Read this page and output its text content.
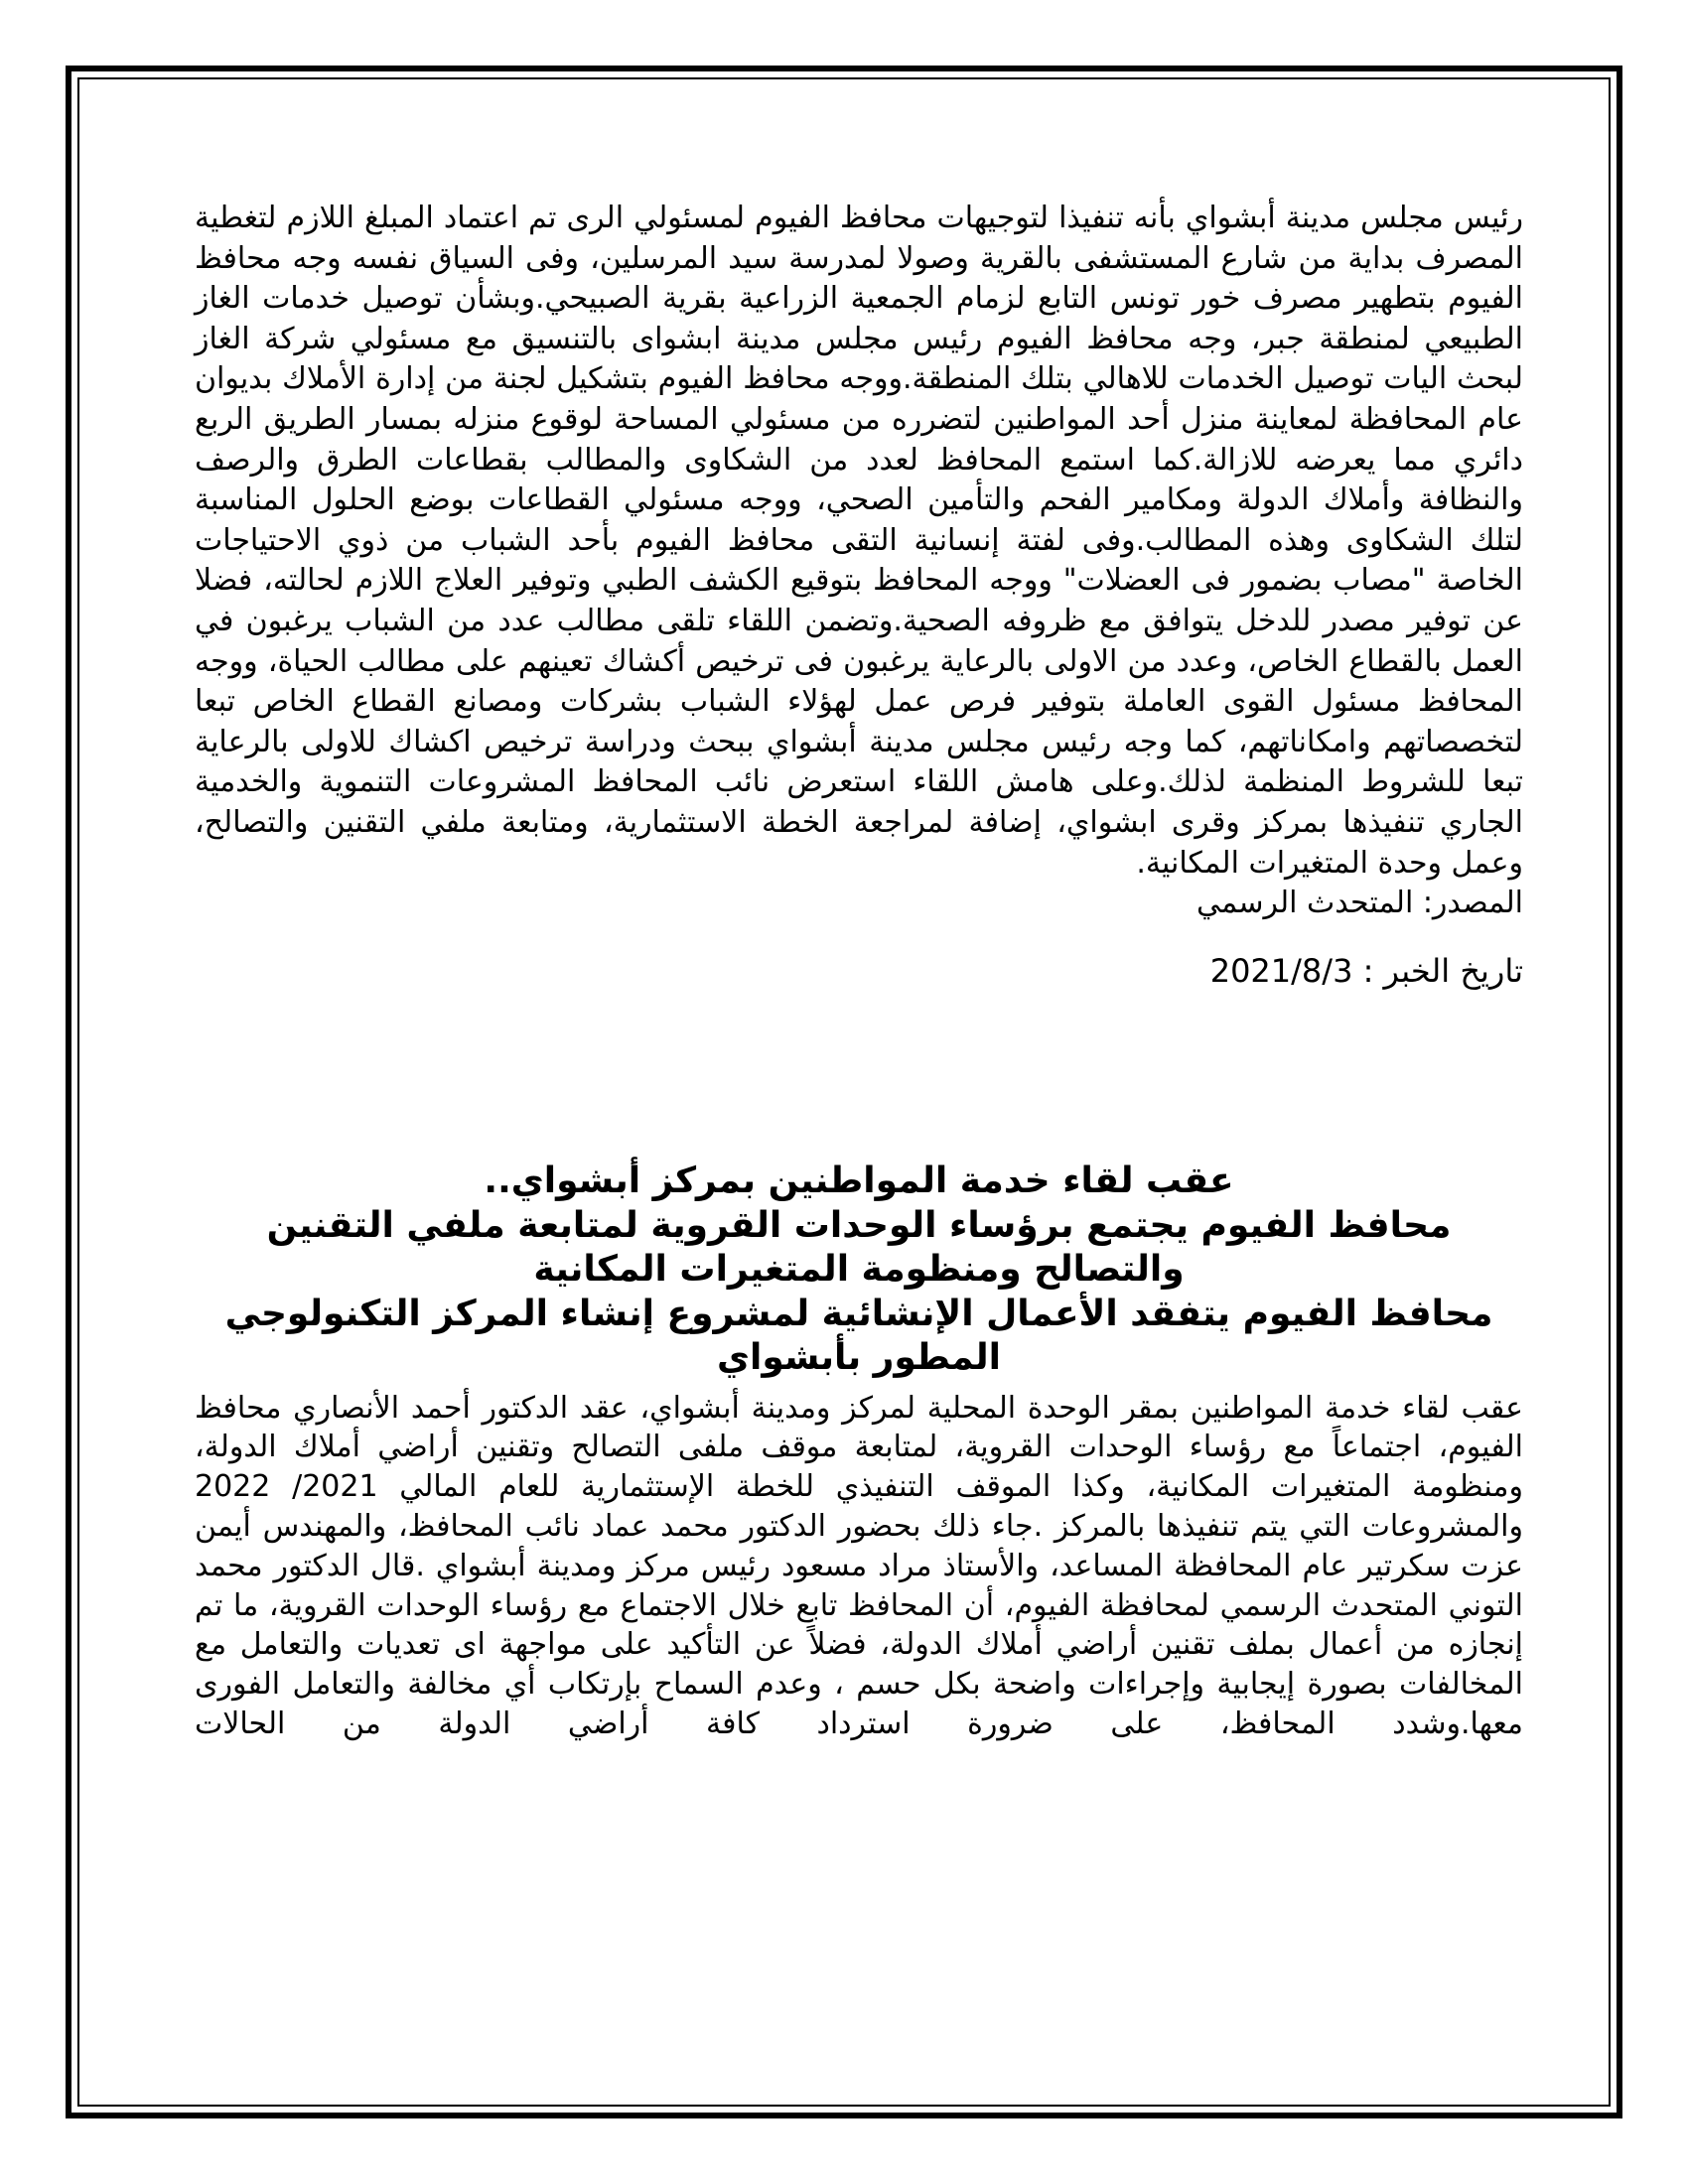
رئيس مجلس مدينة أبشواي بأنه تنفيذا لتوجيهات محافظ الفيوم لمسئولي الرى تم اعتماد المبلغ اللازم لتغطية المصرف بداية من شارع المستشفى بالقرية وصولا لمدرسة سيد المرسلين، وفى السياق نفسه وجه محافظ الفيوم بتطهير مصرف خور تونس التابع لزمام الجمعية الزراعية بقرية الصبيحي.وبشأن توصيل خدمات الغاز الطبيعي لمنطقة جبر، وجه محافظ الفيوم رئيس مجلس مدينة ابشواى بالتنسيق مع مسئولي شركة الغاز لبحث اليات توصيل الخدمات للاهالي بتلك المنطقة.ووجه محافظ الفيوم بتشكيل لجنة من إدارة الأملاك بديوان عام المحافظة لمعاينة منزل أحد المواطنين لتضرره من مسئولي المساحة لوقوع منزله بمسار الطريق الربع دائري مما يعرضه للازالة.كما استمع المحافظ لعدد من الشكاوى والمطالب بقطاعات الطرق والرصف والنظافة وأملاك الدولة ومكامير الفحم والتأمين الصحي، ووجه مسئولي القطاعات بوضع الحلول المناسبة لتلك الشكاوى وهذه المطالب.وفى لفتة إنسانية التقى محافظ الفيوم بأحد الشباب من ذوي الاحتياجات الخاصة "مصاب بضمور فى العضلات" ووجه المحافظ بتوقيع الكشف الطبي وتوفير العلاج اللازم لحالته، فضلا عن توفير مصدر للدخل يتوافق مع ظروفه الصحية.وتضمن اللقاء تلقى مطالب عدد من الشباب يرغبون في العمل بالقطاع الخاص، وعدد من الاولى بالرعاية يرغبون فى ترخيص أكشاك تعينهم على مطالب الحياة، ووجه المحافظ مسئول القوى العاملة بتوفير فرص عمل لهؤلاء الشباب بشركات ومصانع القطاع الخاص تبعا لتخصصاتهم وامكاناتهم، كما وجه رئيس مجلس مدينة أبشواي ببحث ودراسة ترخيص اكشاك للاولى بالرعاية تبعا للشروط المنظمة لذلك.وعلى هامش اللقاء استعرض نائب المحافظ المشروعات التنموية والخدمية الجاري تنفيذها بمركز وقرى ابشواي، إضافة لمراجعة الخطة الاستثمارية، ومتابعة ملفي التقنين والتصالح، وعمل وحدة المتغيرات المكانية.

المصدر: المتحدث الرسمي

تاريخ الخبر : 2021/8/3

عقب لقاء خدمة المواطنين بمركز أبشواي..

محافظ الفيوم يجتمع برؤساء الوحدات القروية لمتابعة ملفي التقنين والتصالح ومنظومة المتغيرات المكانية

محافظ الفيوم يتفقد الأعمال الإنشائية لمشروع إنشاء المركز التكنولوجي المطور بأبشواي

عقب لقاء خدمة المواطنين بمقر الوحدة المحلية لمركز ومدينة أبشواي، عقد الدكتور أحمد الأنصاري محافظ الفيوم، اجتماعاً مع رؤساء الوحدات القروية، لمتابعة موقف ملفى التصالح وتقنين أراضي أملاك الدولة، ومنظومة المتغيرات المكانية، وكذا الموقف التنفيذي للخطة الإستثمارية للعام المالي 2021/ 2022 والمشروعات التي يتم تنفيذها بالمركز .جاء ذلك بحضور الدكتور محمد عماد نائب المحافظ، والمهندس أيمن عزت سكرتير عام المحافظة المساعد، والأستاذ مراد مسعود رئيس مركز ومدينة أبشواي .قال الدكتور محمد التوني المتحدث الرسمي لمحافظة الفيوم، أن المحافظ تابع خلال الاجتماع مع رؤساء الوحدات القروية، ما تم إنجازه من أعمال بملف تقنين أراضي أملاك الدولة، فضلاً عن التأكيد على مواجهة اى تعديات والتعامل مع المخالفات بصورة إيجابية وإجراءات واضحة بكل حسم ، وعدم السماح بإرتكاب أي مخالفة والتعامل الفورى معها.وشدد المحافظ، على ضرورة استرداد كافة أراضي الدولة من الحالات
